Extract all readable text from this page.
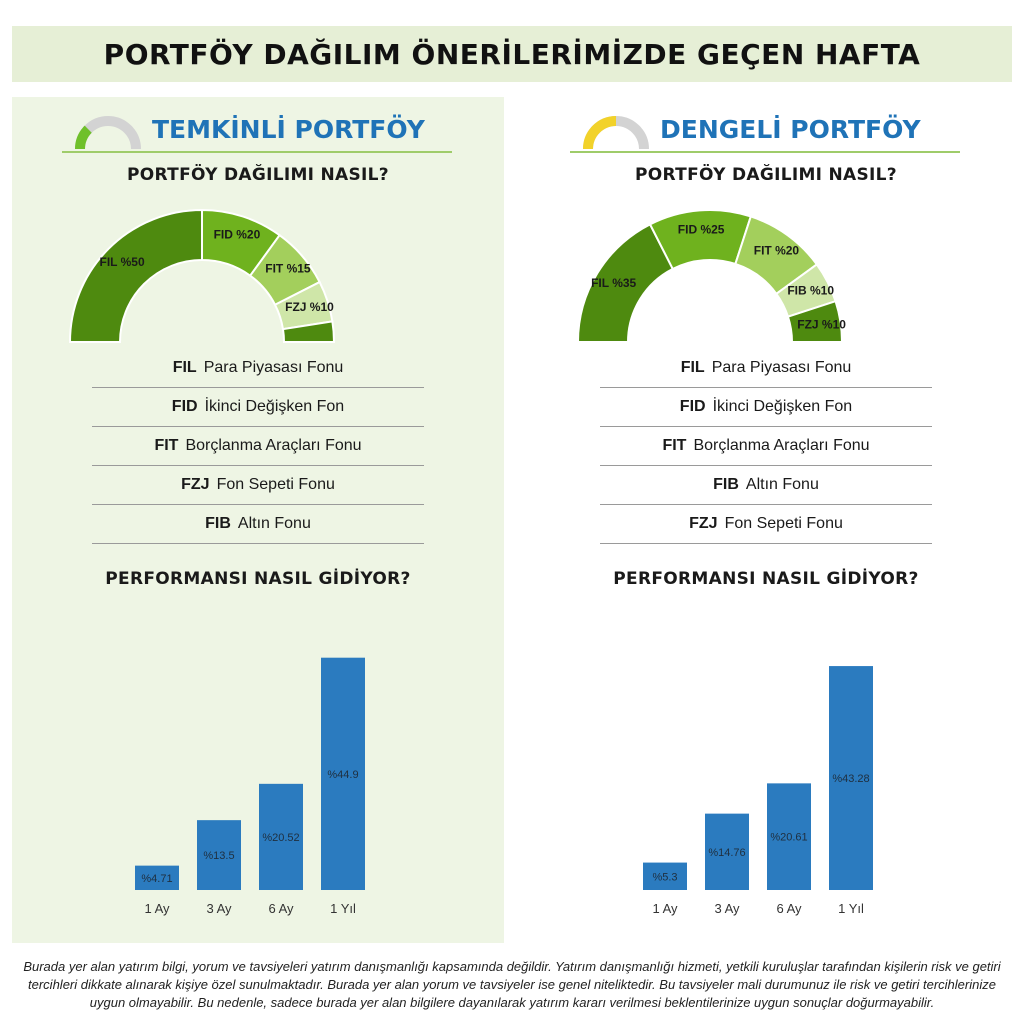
PORTFÖY DAĞILIM ÖNERİLERİMİZDE GEÇEN HAFTA
TEMKİNLİ PORTFÖY
PORTFÖY DAĞILIMI NASIL?
FIL %50
FID %20
FIT %15
FZJ %10
FIL Para Piyasası Fonu
FID İkinci Değişken Fon
FIT Borçlanma Araçları Fonu
FZJ Fon Sepeti Fonu
FIB Altın Fonu
PERFORMANSI NASIL GİDİYOR?
%4.71
1 Ay
%13.5
3 Ay
%20.52
6 Ay
%44.9
1 Yıl
DENGELİ PORTFÖY
PORTFÖY DAĞILIMI NASIL?
FIL %35
FID %25
FIT %20
FIB %10
FZJ %10
FIL Para Piyasası Fonu
FID İkinci Değişken Fon
FIT Borçlanma Araçları Fonu
FIB Altın Fonu
FZJ Fon Sepeti Fonu
PERFORMANSI NASIL GİDİYOR?
%5.3
1 Ay
%14.76
3 Ay
%20.61
6 Ay
%43.28
1 Yıl

Burada yer alan yatırım bilgi, yorum ve tavsiyeleri yatırım danışmanlığı kapsamında değildir. Yatırım danışmanlığı hizmeti, yetkili kuruluşlar tarafından kişilerin risk ve getiri tercihleri dikkate alınarak kişiye özel sunulmaktadır. Burada yer alan yorum ve tavsiyeler ise genel niteliktedir. Bu tavsiyeler mali durumunuz ile risk ve getiri tercihlerinize uygun olmayabilir. Bu nedenle, sadece burada yer alan bilgilere dayanılarak yatırım kararı verilmesi beklentilerinize uygun sonuçlar doğurmayabilir.
